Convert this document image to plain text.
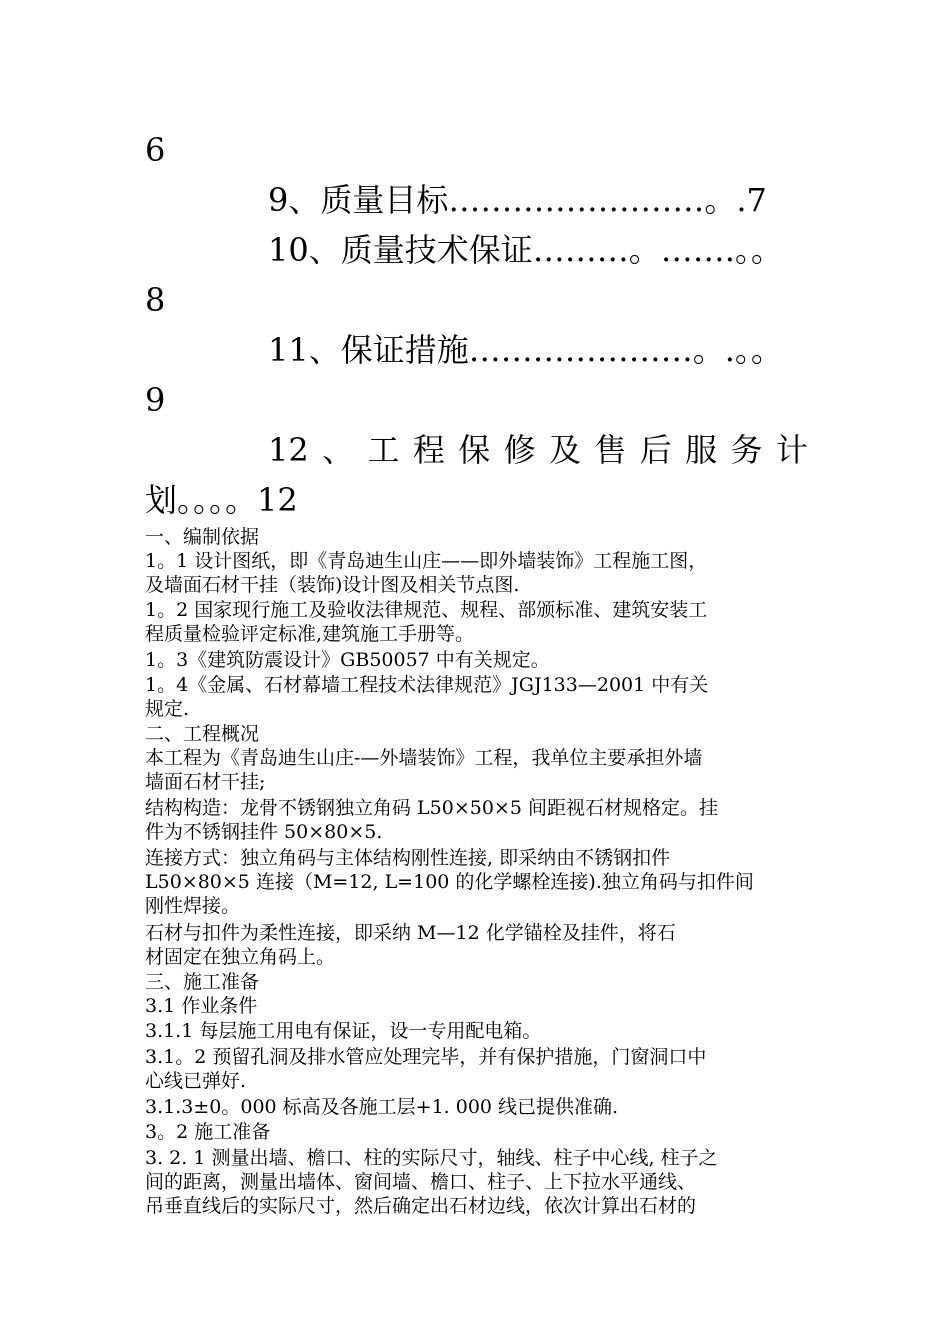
6
9、质量目标……………………。.7
10、质量技术保证………。…….。。
8
11、保证措施…………………。.。。
9
12 、 工 程 保 修 及 售 后 服 务 计
划。。。。12
一、编制依据
1。1 设计图纸，即《青岛迪生山庄——即外墙装饰》工程施工图，
及墙面石材干挂（装饰)设计图及相关节点图.
1。2 国家现行施工及验收法律规范、规程、部颁标准、建筑安装工
程质量检验评定标准,建筑施工手册等。
1。3《建筑防震设计》GB50057 中有关规定。
1。4《金属、石材幕墙工程技术法律规范》JGJ133—2001 中有关
规定.
二、工程概况
本工程为《青岛迪生山庄-—外墙装饰》工程，我单位主要承担外墙
墙面石材干挂;
结构构造：龙骨不锈钢独立角码 L50×50×5 间距视石材规格定。挂
件为不锈钢挂件 50×80×5.
连接方式：独立角码与主体结构刚性连接, 即采纳由不锈钢扣件
L50×80×5 连接（M=12, L=100 的化学螺栓连接).独立角码与扣件间
刚性焊接。
石材与扣件为柔性连接，即采纳 M—12 化学锚栓及挂件，将石
材固定在独立角码上。
三、施工准备
3.1 作业条件
3.1.1 每层施工用电有保证，设一专用配电箱。
3.1。2 预留孔洞及排水管应处理完毕，并有保护措施，门窗洞口中
心线已弹好.
3.1.3±0。000 标高及各施工层+1. 000 线已提供准确.
3。2 施工准备
3. 2. 1 测量出墙、檐口、柱的实际尺寸，轴线、柱子中心线, 柱子之
间的距离，测量出墙体、窗间墙、檐口、柱子、上下拉水平通线、
吊垂直线后的实际尺寸，然后确定出石材边线，依次计算出石材的
